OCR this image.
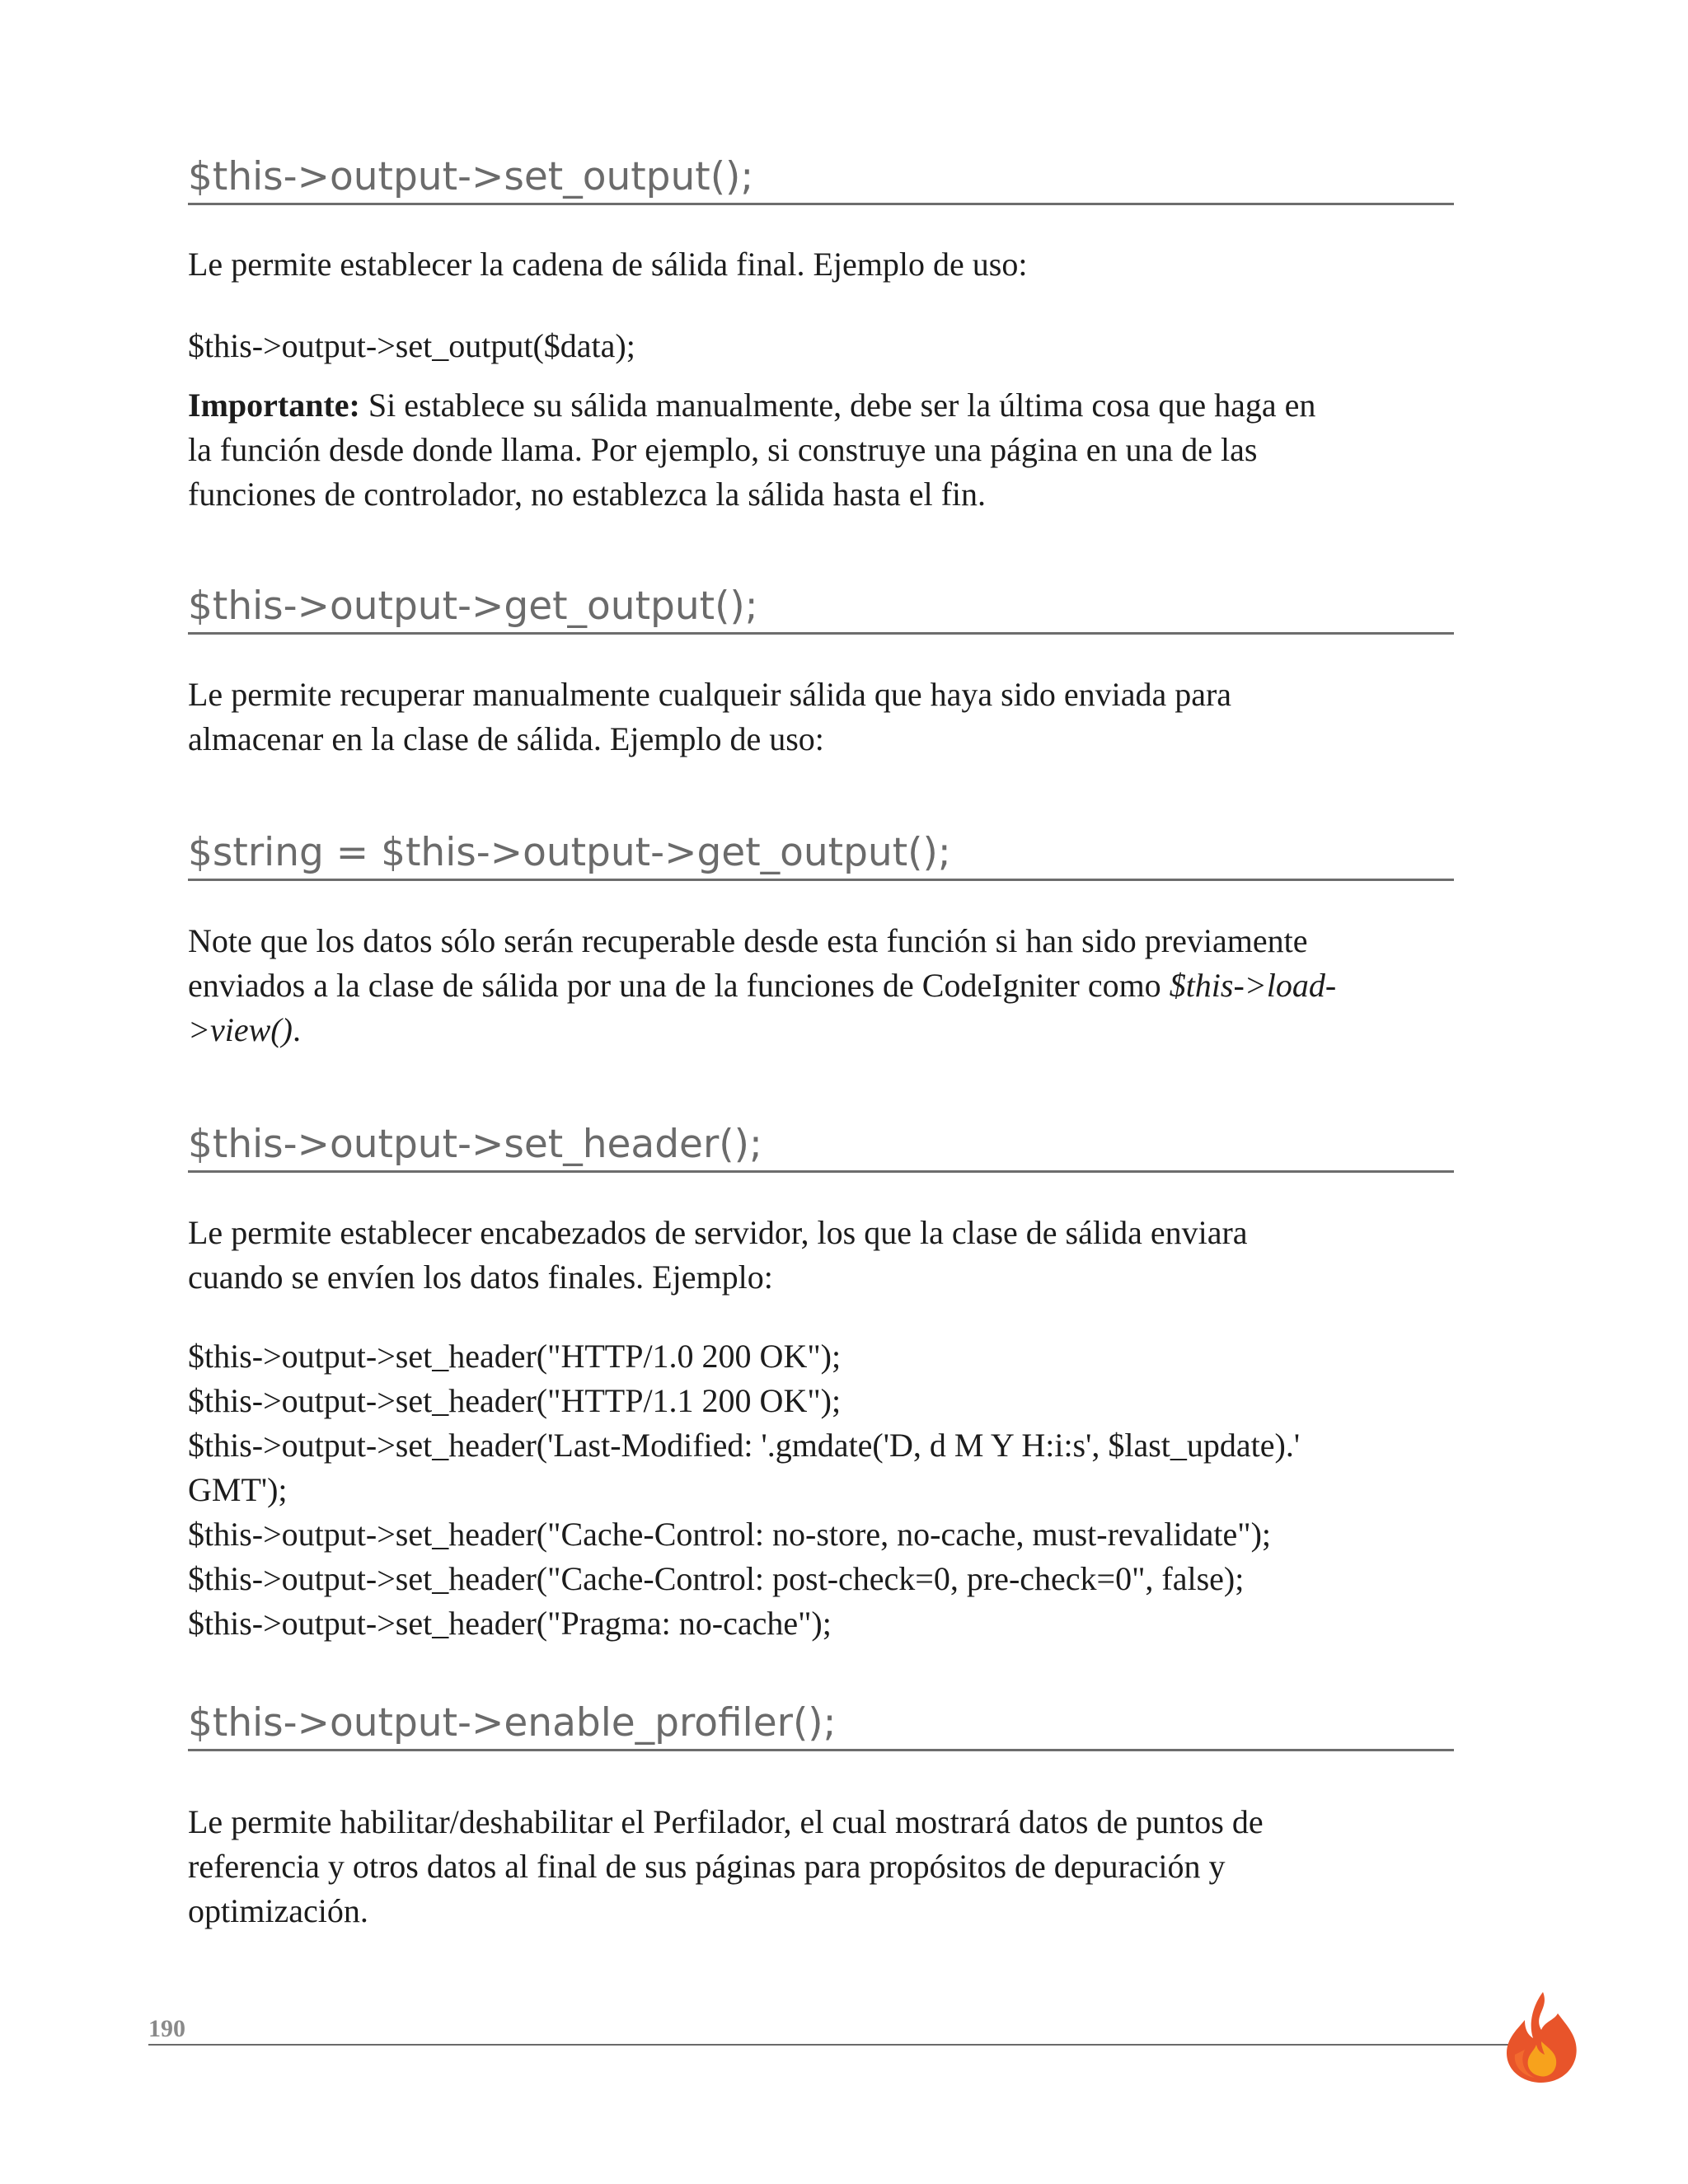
$this->output->set_output();
Le permite establecer la cadena de sálida final. Ejemplo de uso:
$this->output->set_output($data);
Importante: Si establece su sálida manualmente, debe ser la última cosa que haga en
la función desde donde llama. Por ejemplo, si construye una página en una de las
funciones de controlador, no establezca la sálida hasta el fin.
$this->output->get_output();
Le permite recuperar manualmente cualqueir sálida que haya sido enviada para
almacenar en la clase de sálida. Ejemplo de uso:
$string = $this->output->get_output();
Note que los datos sólo serán recuperable desde esta función si han sido previamente
enviados a la clase de sálida por una de la funciones de CodeIgniter como $this->load-
>view().
$this->output->set_header();
Le permite establecer encabezados de servidor, los que la clase de sálida enviara
cuando se envíen los datos finales. Ejemplo:
$this->output->set_header("HTTP/1.0 200 OK");
$this->output->set_header("HTTP/1.1 200 OK");
$this->output->set_header('Last-Modified: '.gmdate('D, d M Y H:i:s', $last_update).'
GMT');
$this->output->set_header("Cache-Control: no-store, no-cache, must-revalidate");
$this->output->set_header("Cache-Control: post-check=0, pre-check=0", false);
$this->output->set_header("Pragma: no-cache");
$this->output->enable_profiler();
Le permite habilitar/deshabilitar el Perfilador, el cual mostrará datos de puntos de
referencia y otros datos al final de sus páginas para propósitos de depuración y
optimización.
190
